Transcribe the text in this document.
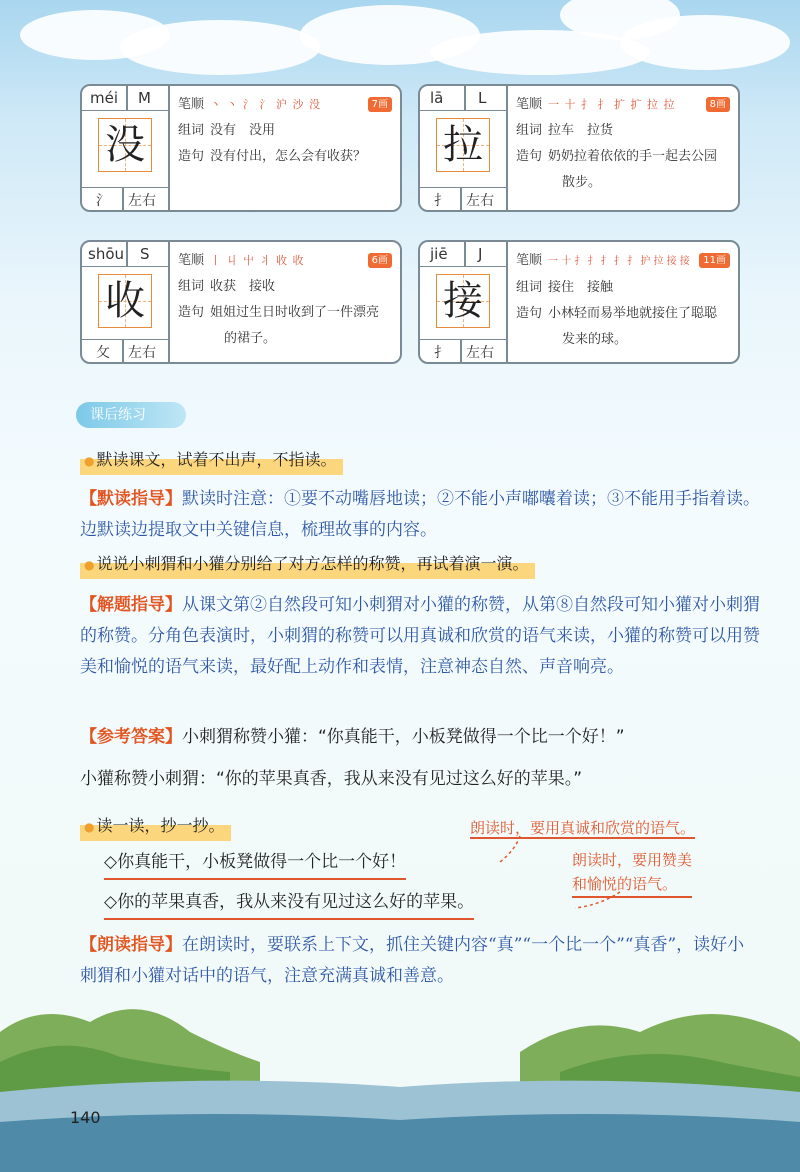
méi M
没
氵 左右
笔顺 丶 丶 氵 氵 沪 沙 没	7画
组词 没有　没用
造句 没有付出，怎么会有收获？
lā L
拉
扌 左右
笔顺 一 十 扌 扌 扩 扩 拉 拉	8画
组词 拉车　拉货
造句 奶奶拉着依依的手一起去公园
散步。
shōu S
收
攵 左右
笔顺 丨 丩 屮 丬 收 收	6画
组词 收获　接收
造句 姐姐过生日时收到了一件漂亮
的裙子。
jiē J
接
扌 左右
笔顺 一 十 扌 扌 扌 扌 扌 护 拉 接 接	11画
组词 接住　接触
造句 小林轻而易举地就接住了聪聪
发来的球。
课后练习
● 默读课文，试着不出声，不指读。
【默读指导】默读时注意：①要不动嘴唇地读；②不能小声嘟囔着读；③不能用手指着读。边默读边提取文中关键信息，梳理故事的内容。
● 说说小刺猬和小獾分别给了对方怎样的称赞，再试着演一演。
【解题指导】从课文第②自然段可知小刺猬对小獾的称赞，从第⑧自然段可知小獾对小刺猬的称赞。分角色表演时，小刺猬的称赞可以用真诚和欣赏的语气来读，小獾的称赞可以用赞美和愉悦的语气来读，最好配上动作和表情，注意神态自然、声音响亮。
【参考答案】小刺猬称赞小獾：“你真能干，小板凳做得一个比一个好！”
小獾称赞小刺猬：“你的苹果真香，我从来没有见过这么好的苹果。”
● 读一读，抄一抄。	朗读时，要用真诚和欣赏的语气。
◇你真能干，小板凳做得一个比一个好！	朗读时，要用赞美
和愉悦的语气。
◇你的苹果真香，我从来没有见过这么好的苹果。
【朗读指导】在朗读时，要联系上下文，抓住关键内容“真”“一个比一个”“真香”，读好小刺猬和小獾对话中的语气，注意充满真诚和善意。
140
